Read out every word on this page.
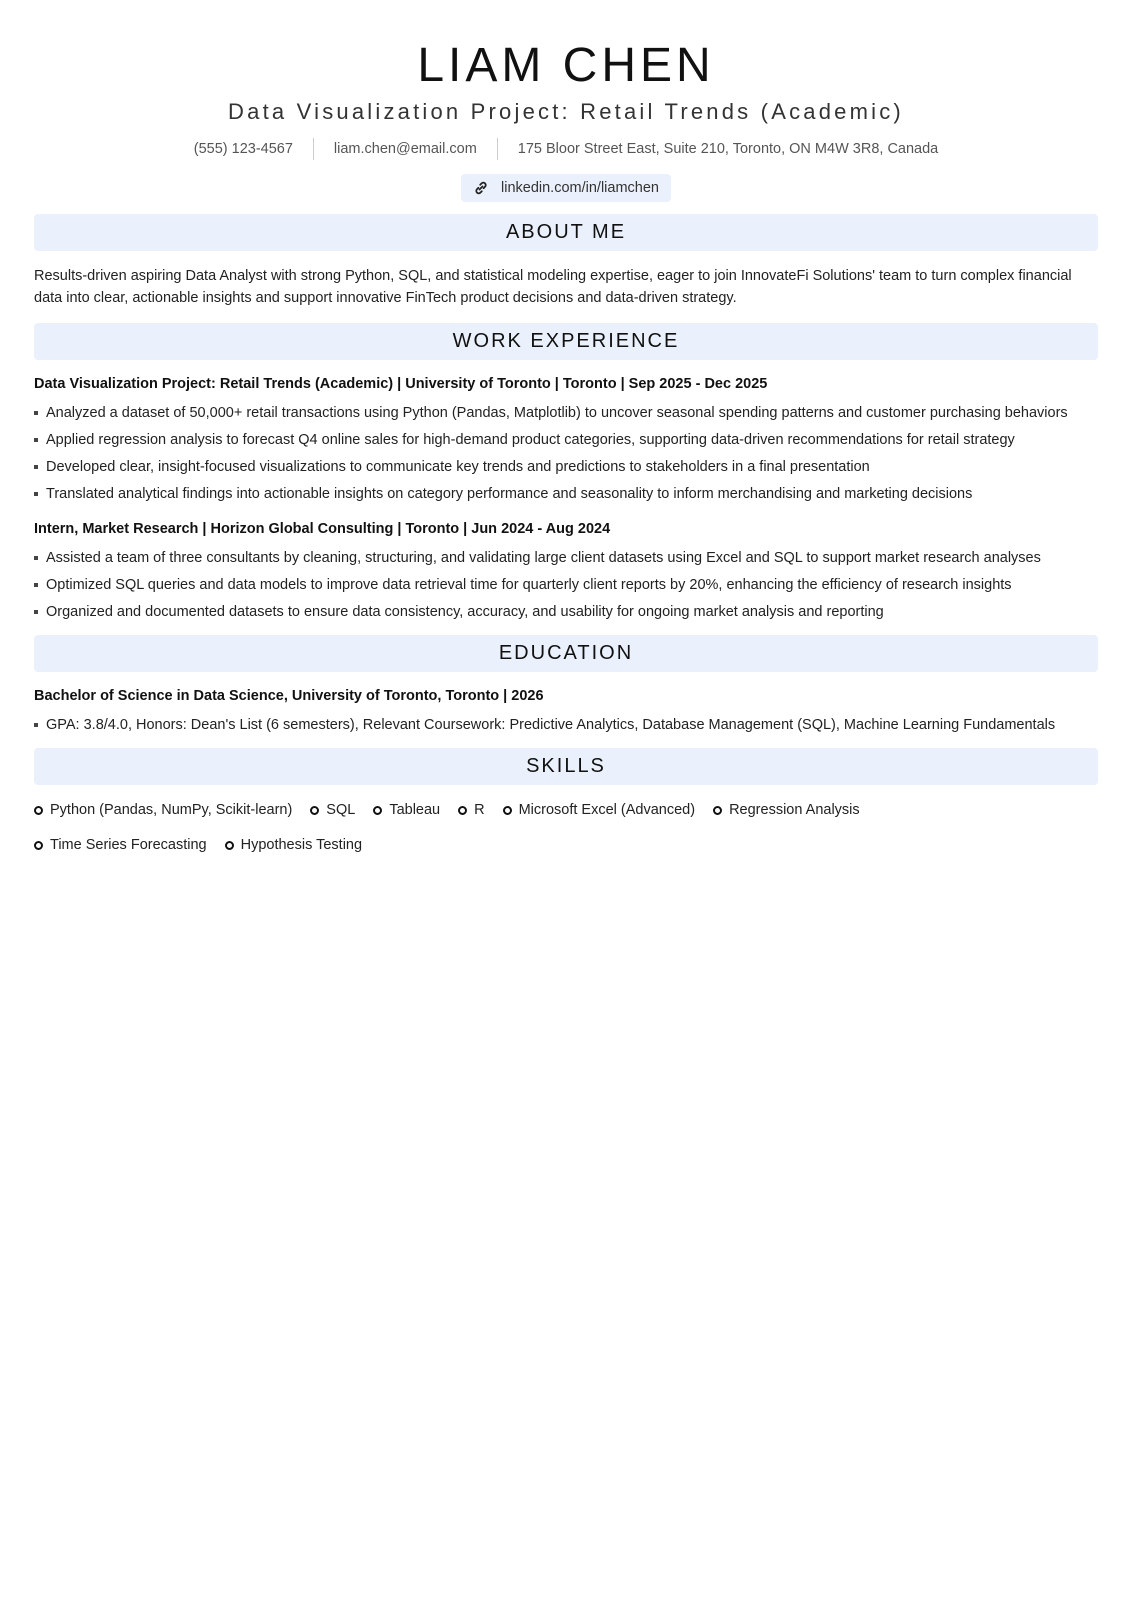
LIAM CHEN
Data Visualization Project: Retail Trends (Academic)
(555) 123-4567	liam.chen@email.com	175 Bloor Street East, Suite 210, Toronto, ON M4W 3R8, Canada
linkedin.com/in/liamchen
ABOUT ME
Results-driven aspiring Data Analyst with strong Python, SQL, and statistical modeling expertise, eager to join InnovateFi Solutions' team to turn complex financial data into clear, actionable insights and support innovative FinTech product decisions and data-driven strategy.
WORK EXPERIENCE
Data Visualization Project: Retail Trends (Academic) | University of Toronto | Toronto | Sep 2025 - Dec 2025
Analyzed a dataset of 50,000+ retail transactions using Python (Pandas, Matplotlib) to uncover seasonal spending patterns and customer purchasing behaviors
Applied regression analysis to forecast Q4 online sales for high-demand product categories, supporting data-driven recommendations for retail strategy
Developed clear, insight-focused visualizations to communicate key trends and predictions to stakeholders in a final presentation
Translated analytical findings into actionable insights on category performance and seasonality to inform merchandising and marketing decisions
Intern, Market Research | Horizon Global Consulting | Toronto | Jun 2024 - Aug 2024
Assisted a team of three consultants by cleaning, structuring, and validating large client datasets using Excel and SQL to support market research analyses
Optimized SQL queries and data models to improve data retrieval time for quarterly client reports by 20%, enhancing the efficiency of research insights
Organized and documented datasets to ensure data consistency, accuracy, and usability for ongoing market analysis and reporting
EDUCATION
Bachelor of Science in Data Science, University of Toronto, Toronto | 2026
GPA: 3.8/4.0, Honors: Dean's List (6 semesters), Relevant Coursework: Predictive Analytics, Database Management (SQL), Machine Learning Fundamentals
SKILLS
Python (Pandas, NumPy, Scikit-learn) SQL Tableau R Microsoft Excel (Advanced) Regression Analysis
Time Series Forecasting Hypothesis Testing
